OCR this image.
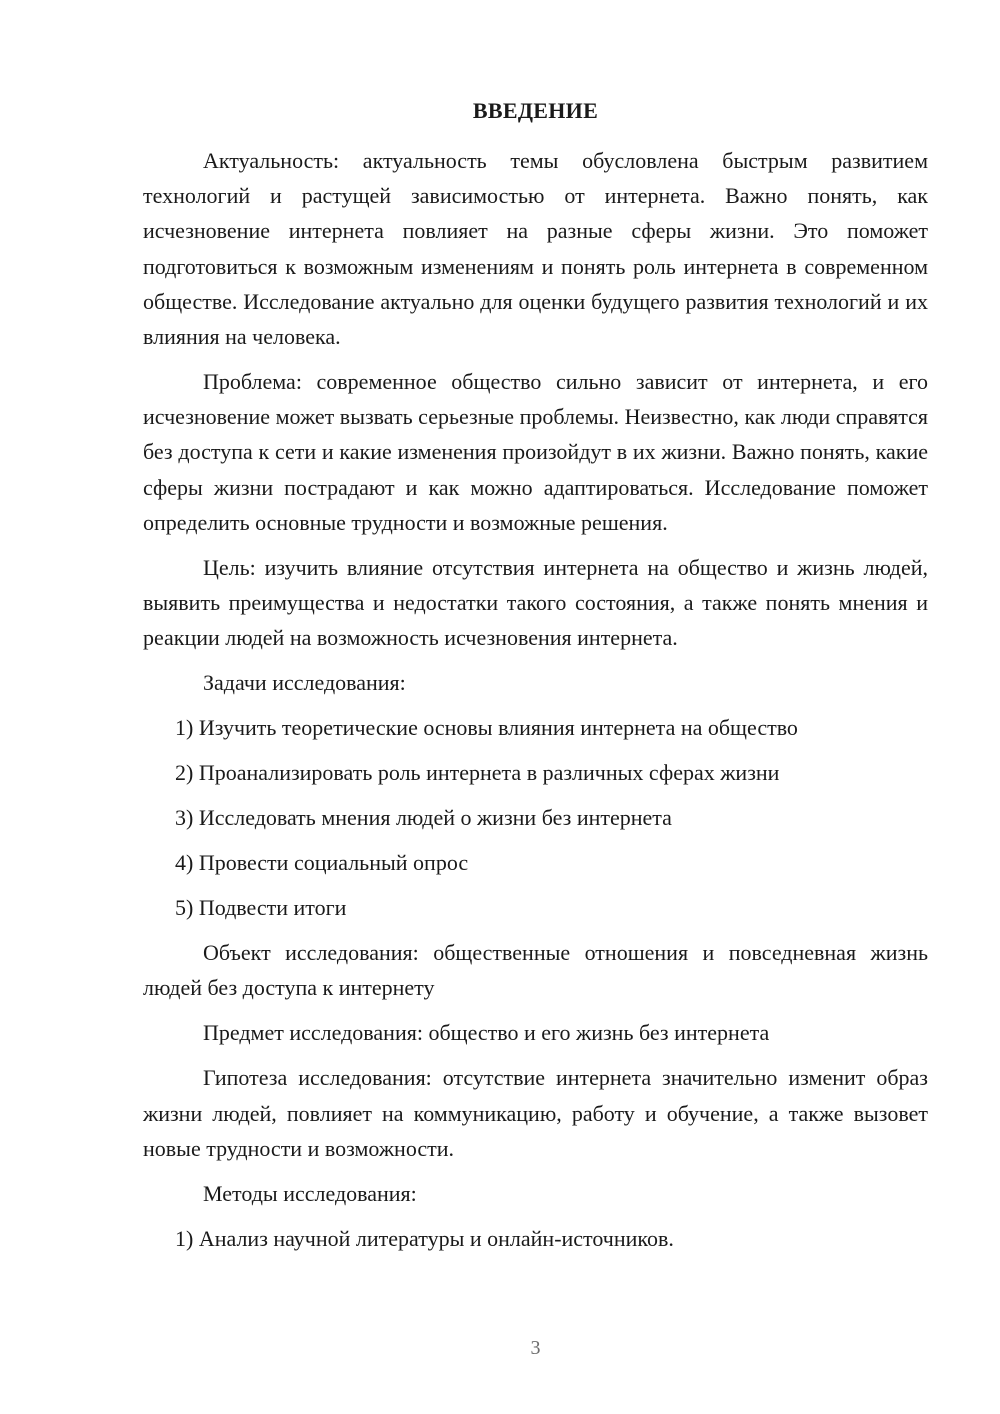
ВВЕДЕНИЕ

Актуальность: актуальность темы обусловлена быстрым развитием технологий и растущей зависимостью от интернета. Важно понять, как исчезновение интернета повлияет на разные сферы жизни. Это поможет подготовиться к возможным изменениям и понять роль интернета в современном обществе. Исследование актуально для оценки будущего развития технологий и их влияния на человека.

Проблема: современное общество сильно зависит от интернета, и его исчезновение может вызвать серьезные проблемы. Неизвестно, как люди справятся без доступа к сети и какие изменения произойдут в их жизни. Важно понять, какие сферы жизни пострадают и как можно адаптироваться. Исследование поможет определить основные трудности и возможные решения.

Цель: изучить влияние отсутствия интернета на общество и жизнь людей, выявить преимущества и недостатки такого состояния, а также понять мнения и реакции людей на возможность исчезновения интернета.

Задачи исследования:

1) Изучить теоретические основы влияния интернета на общество

2) Проанализировать роль интернета в различных сферах жизни

3) Исследовать мнения людей о жизни без интернета

4) Провести социальный опрос

5) Подвести итоги

Объект исследования: общественные отношения и повседневная жизнь людей без доступа к интернету

Предмет исследования: общество и его жизнь без интернета

Гипотеза исследования: отсутствие интернета значительно изменит образ жизни людей, повлияет на коммуникацию, работу и обучение, а также вызовет новые трудности и возможности.

Методы исследования:

1) Анализ научной литературы и онлайн-источников.

3
